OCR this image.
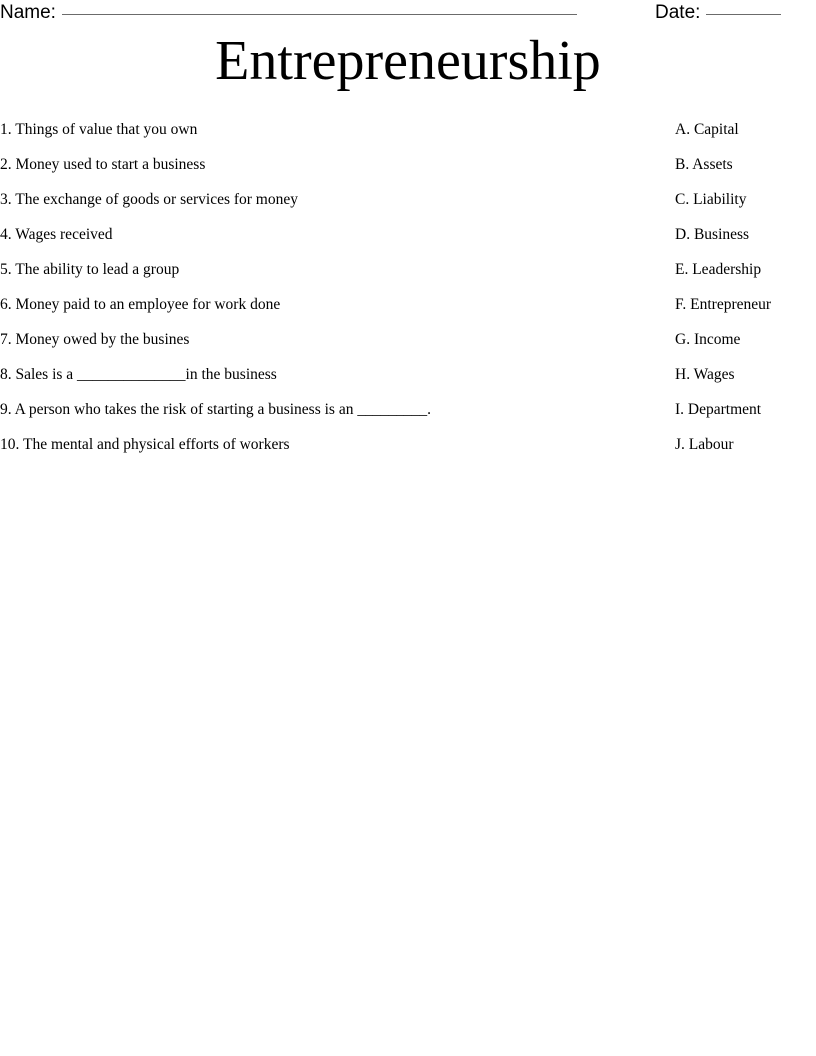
Name:	Date:
Entrepreneurship
1. Things of value that you own	A. Capital
2. Money used to start a business	B. Assets
3. The exchange of goods or services for money	C. Liability
4. Wages received	D. Business
5. The ability to lead a group	E. Leadership
6. Money paid to an employee for work done	F. Entrepreneur
7. Money owed by the busines	G. Income
8. Sales is a ______________in the business	H. Wages
9. A person who takes the risk of starting a business is an _________.	I. Department
10. The mental and physical efforts of workers	J. Labour
